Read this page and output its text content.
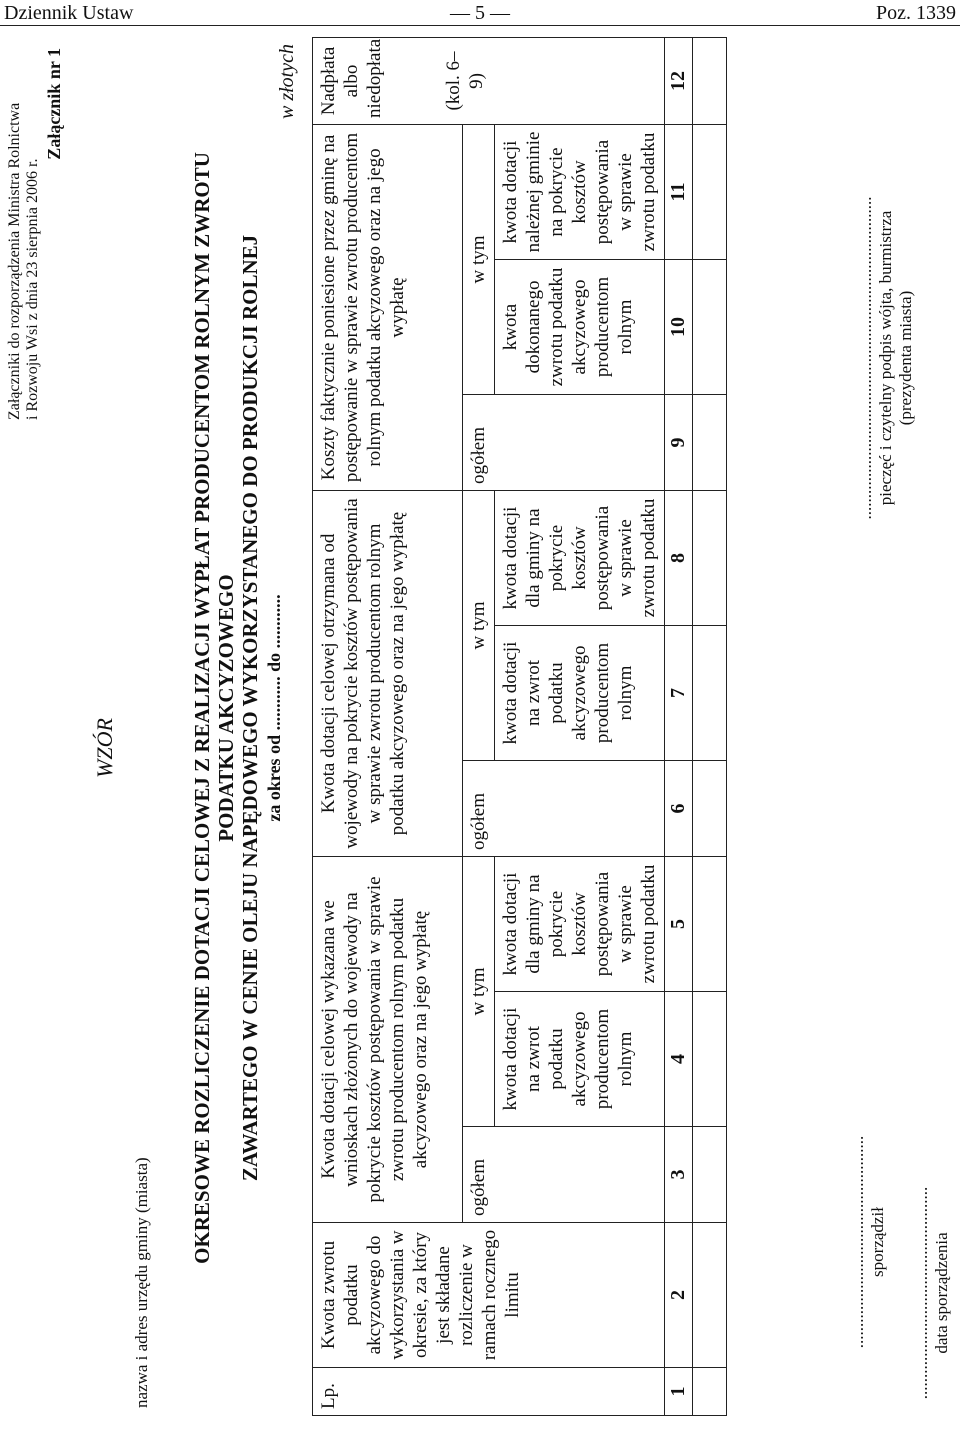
Dziennik Ustaw	— 5 —	Poz. 1339
Załączniki do rozporządzenia Ministra Rolnictwa i Rozwoju Wsi z dnia 23 sierpnia 2006 r.
Załącznik nr 1
nazwa i adres urzędu gminy (miasta)
WZÓR	OKRESOWE ROZLICZENIE DOTACJI CELOWEJ Z REALIZACJI WYPŁAT PRODUCENTOM ROLNYM ZWROTU PODATKU AKCYZOWEGO ZAWARTEGO W CENIE OLEJU NAPĘDOWEGO WYKORZYSTANEGO DO PRODUKCJI ROLNEJ za okres od ............ do ............
w złotych
Lp.	Kwota zwrotu podatku akcyzowego do wykorzystania w okresie, za który jest składane rozliczenie w ramach rocznego limitu	Kwota dotacji celowej wykazana we wnioskach złożonych do wojewody na pokrycie kosztów postępowania w sprawie zwrotu producentom rolnym podatku akcyzowego oraz na jego wypłatę			Kwota dotacji celowej otrzymana od wojewody na pokrycie kosztów postępowania w sprawie zwrotu producentom rolnym podatku akcyzowego oraz na jego wypłatę			Koszty faktycznie poniesione przez gminę na postępowanie w sprawie zwrotu producentom rolnym podatku akcyzowego oraz na jego wypłatę			Nadpłata albo niedopłata (kol. 6–9)

		ogółem	w tym		ogółem	w tym		ogółem	w tym		
			kwota dotacji na zwrot podatku akcyzowego producentom rolnym	kwota dotacji dla gminy na pokrycie kosztów postępowania w sprawie zwrotu podatku		kwota dotacji na zwrot podatku akcyzowego producentom rolnym	kwota dotacji dla gminy na pokrycie kosztów postępowania w sprawie zwrotu podatku		kwota dokonanego zwrotu podatku akcyzowego producentom rolnym	kwota dotacji należnej gminie na pokrycie kosztów postępowania w sprawie zwrotu podatku	
1	2	3	4	5	6	7	8	9	10	11	12

.................................................. sporządził .................................................. data sporządzenia
............................................................................ pieczęć i czytelny podpis wójta, burmistrza (prezydenta miasta)
